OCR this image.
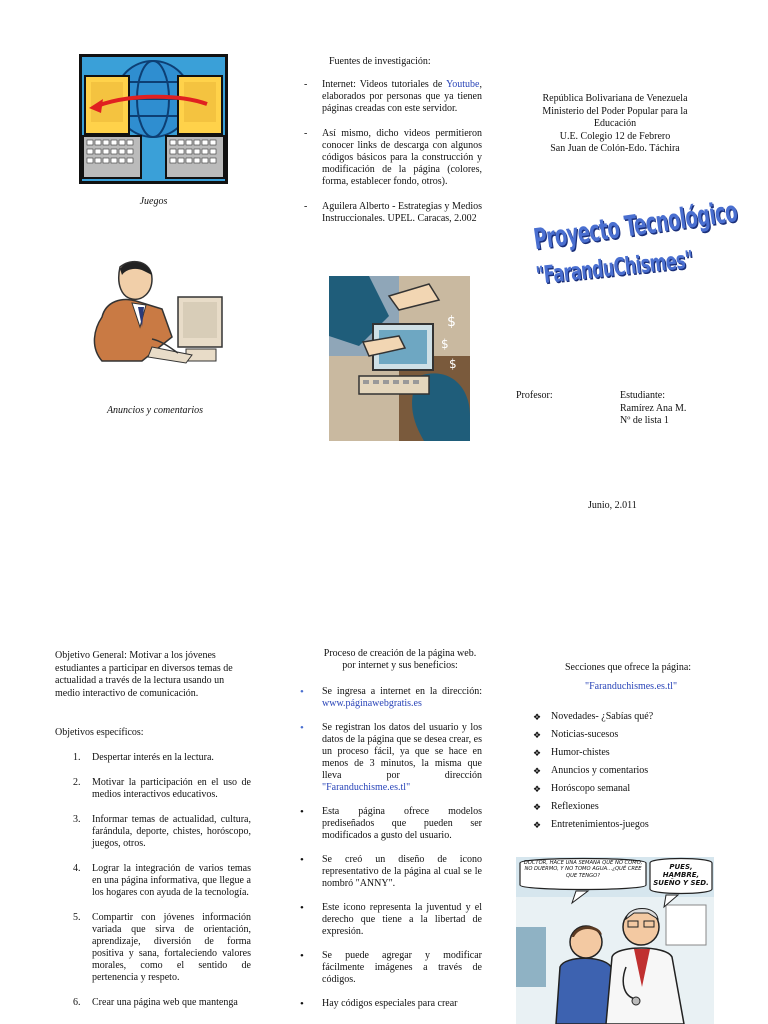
Juegos
Anuncios y comentarios
Fuentes de investigación:
- Internet: Videos tutoriales de Youtube, elaborados por personas que ya tienen páginas creadas con este servidor.
- Así mismo, dicho videos permitieron conocer links de descarga con algunos códigos básicos para la construcción y modificación de la página (colores, forma, establecer fondo, otros).
- Aguilera Alberto - Estrategias y Medios Instruccionales. UPEL. Caracas, 2.002
$
$
$
República Bolivariana de Venezuela
Ministerio del Poder Popular para la
Educación
U.E. Colegio 12 de Febrero
San Juan de Colón-Edo. Táchira
Proyecto Tecnológico
"FaranduChismes"
Profesor:	Estudiante:
Ramírez Ana M.
Nº de lista 1
Junio, 2.011
Objetivo General: Motivar a los jóvenes estudiantes a participar en diversos temas de actualidad a través de la lectura usando un medio interactivo de comunicación.
Objetivos específicos:
1. Despertar interés en la lectura.
2. Motivar la participación en el uso de medios interactivos educativos.
3. Informar temas de actualidad, cultura, farándula, deporte, chistes, horóscopo, juegos, otros.
4. Lograr la integración de varios temas en una página informativa, que llegue a los hogares con ayuda de la tecnología.
5. Compartir con jóvenes información variada que sirva de orientación, aprendizaje, diversión de forma positiva y sana, fortaleciendo valores morales, como el sentido de pertenencia y respeto.
6. Crear una página web que mantenga
Proceso de creación de la página web. por internet y sus beneficios:
• Se ingresa a internet en la dirección: www.páginawebgratis.es
• Se registran los datos del usuario y los datos de la página que se desea crear, es un proceso fácil, ya que se hace en menos de 3 minutos, la misma que lleva por dirección "Faranduchisme.es.tl"
• Esta página ofrece modelos prediseñados que pueden ser modificados a gusto del usuario.
• Se creó un diseño de icono representativo de la página al cual se le nombró "ANNY".
• Este icono representa la juventud y el derecho que tiene a la libertad de expresión.
• Se puede agregar y modificar fácilmente imágenes a través de códigos.
• Hay códigos especiales para crear
Secciones que ofrece la página:
"Faranduchismes.es.tl"
❖ Novedades- ¿Sabías qué?
❖ Noticias-sucesos
❖ Humor-chistes
❖ Anuncios y comentarios
❖ Horóscopo semanal
❖ Reflexiones
❖ Entretenimientos-juegos
DOCTOR, HACE UNA SEMANA QUE NO COMO, NO DUERMO, Y NO TOMO AGUA...¿QUÉ CREE QUE TENGO?
PUES, HAMBRE, SUEÑO Y SED.
